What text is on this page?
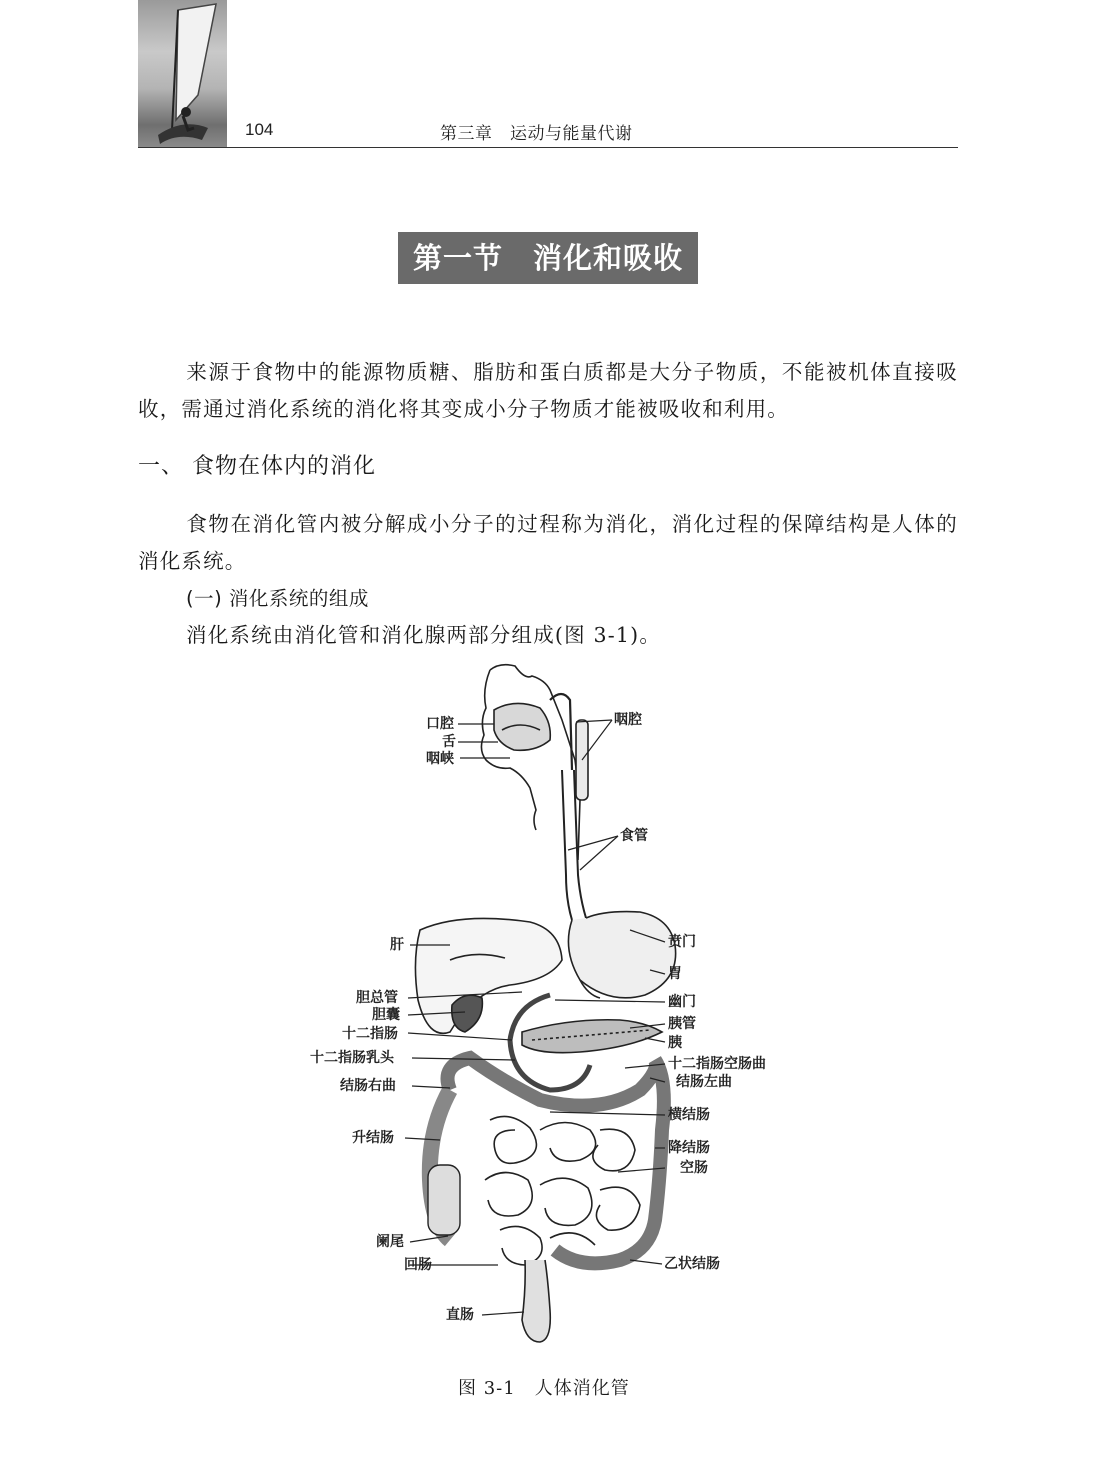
104	第三章　运动与能量代谢
第一节　消化和吸收

来源于食物中的能源物质糖、脂肪和蛋白质都是大分子物质，不能被机体直接吸收，需通过消化系统的消化将其变成小分子物质才能被吸收和利用。

一、 食物在体内的消化

食物在消化管内被分解成小分子的过程称为消化，消化过程的保障结构是人体的消化系统。

(一) 消化系统的组成
消化系统由消化管和消化腺两部分组成(图 3-1)。
口腔
舌
咽峡
咽腔
食管
肝	贲门
胃
胆总管
胆囊
十二指肠
幽门
胰管
胰
十二指肠乳头	十二指肠空肠曲
结肠右曲	结肠左曲
横结肠
升结肠
降结肠
空肠
阑尾
回肠	乙状结肠
直肠
图 3-1　人体消化管
